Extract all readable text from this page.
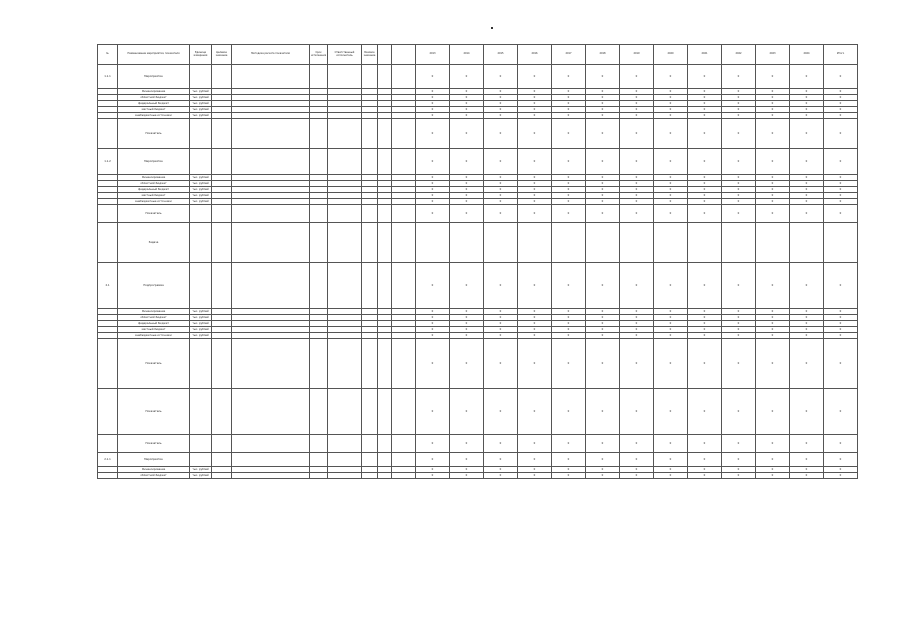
№	Наименование мероприятия, показателя	Единица измерения	Целевое значение	Методика расчета показателя	Срок исполнения	Ответственный исполнитель	Базовое значение			2013	2014	2015	2016	2017	2018	2019	2020	2021	2022	2023	2024	Итого
1.1.1	Мероприятие									0	0	0	0	0	0	0	0	0	0	0	0	0
	Финансирование	тыс. рублей								0	0	0	0	0	0	0	0	0	0	0	0	0
	областной бюджет	тыс. рублей								0	0	0	0	0	0	0	0	0	0	0	0	0
	федеральный бюджет	тыс. рублей								0	0	0	0	0	0	0	0	0	0	0	0	0
	местный бюджет	тыс. рублей								0	0	0	0	0	0	0	0	0	0	0	0	0
	внебюджетные источники	тыс. рублей								0	0	0	0	0	0	0	0	0	0	0	0	0
	Показатель									0	0	0	0	0	0	0	0	0	0	0	0	0
1.1.2	Мероприятие									0	0	0	0	0	0	0	0	0	0	0	0	0
	Финансирование	тыс. рублей								0	0	0	0	0	0	0	0	0	0	0	0	0
	областной бюджет	тыс. рублей								0	0	0	0	0	0	0	0	0	0	0	0	0
	федеральный бюджет	тыс. рублей								0	0	0	0	0	0	0	0	0	0	0	0	0
	местный бюджет	тыс. рублей								0	0	0	0	0	0	0	0	0	0	0	0	0
	внебюджетные источники	тыс. рублей								0	0	0	0	0	0	0	0	0	0	0	0	0
	Показатель									0	0	0	0	0	0	0	0	0	0	0	0	0
	Задача																					
2.1	Подпрограмма									0	0	0	0	0	0	0	0	0	0	0	0	0
	Финансирование	тыс. рублей								0	0	0	0	0	0	0	0	0	0	0	0	0
	областной бюджет	тыс. рублей								0	0	0	0	0	0	0	0	0	0	0	0	0
	федеральный бюджет	тыс. рублей								0	0	0	0	0	0	0	0	0	0	0	0	0
	местный бюджет	тыс. рублей								0	0	0	0	0	0	0	0	0	0	0	0	0
	внебюджетные источники	тыс. рублей								0	0	0	0	0	0	0	0	0	0	0	0	0
	Показатель									0	0	0	0	0	0	0	0	0	0	0	0	0
	Показатель									0	0	0	0	0	0	0	0	0	0	0	0	0
	Показатель									0	0	0	0	0	0	0	0	0	0	0	0	0
2.1.1	Мероприятие									0	0	0	0	0	0	0	0	0	0	0	0	0
	Финансирование	тыс. рублей								0	0	0	0	0	0	0	0	0	0	0	0	0
	областной бюджет	тыс. рублей								0	0	0	0	0	0	0	0	0	0	0	0	0
